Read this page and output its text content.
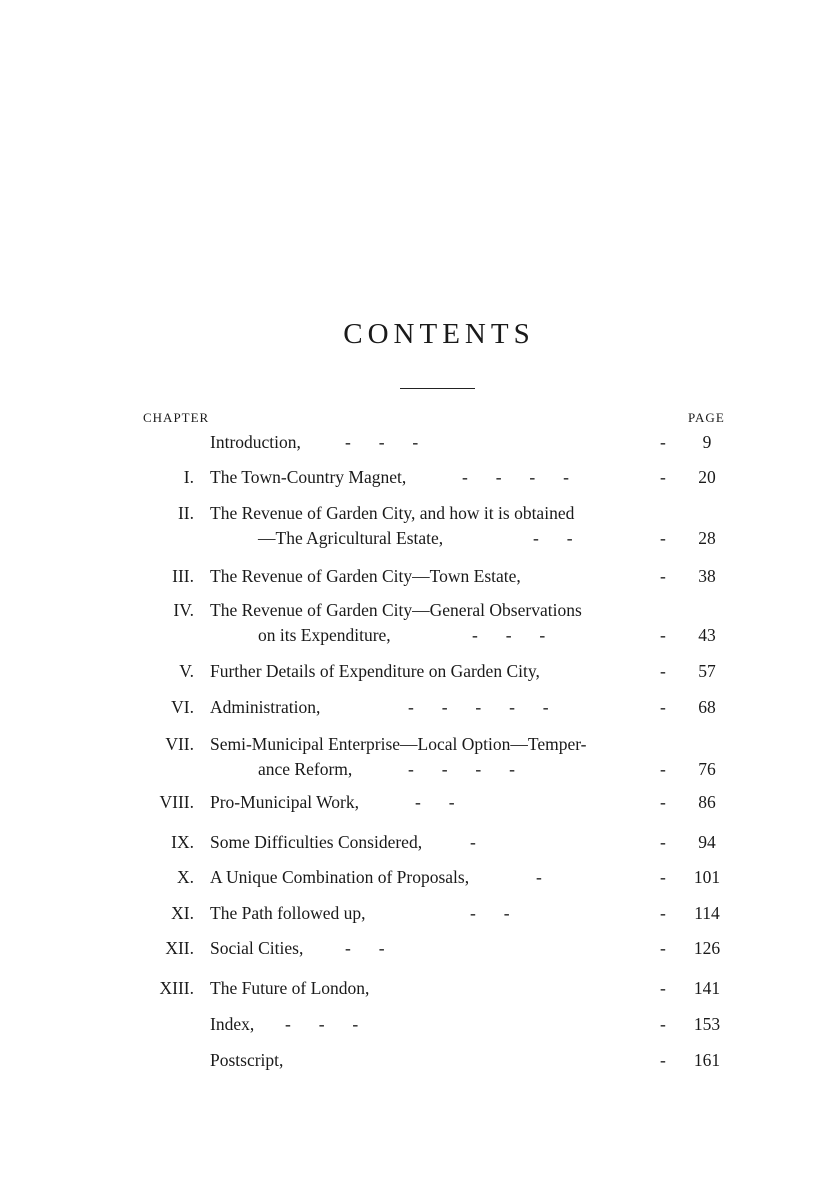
CONTENTS
CHAPTER	PAGE
Introduction,	-     -     -	-	9
I. The Town-Country Magnet,	-     -     -     -	-	20
II. The Revenue of Garden City, and how it is obtained
—The Agricultural Estate,	-     -	-	28
III. The Revenue of Garden City—Town Estate,	-	38
IV. The Revenue of Garden City—General Observations
on its Expenditure,	-     -     -	-	43
V. Further Details of Expenditure on Garden City,	-	57
VI. Administration,	-     -     -     -     -	-	68
VII. Semi-Municipal Enterprise—Local Option—Temper-
ance Reform,	-     -     -     -	-	76
VIII. Pro-Municipal Work,	-     -	-	86
IX. Some Difficulties Considered,	-	-	94
X. A Unique Combination of Proposals,	-	-	101
XI. The Path followed up,	-     -	-	114
XII. Social Cities, -     -	-	126
XIII. The Future of London,	-	141
Index, -     -     -	-	153
Postscript,	-	161
